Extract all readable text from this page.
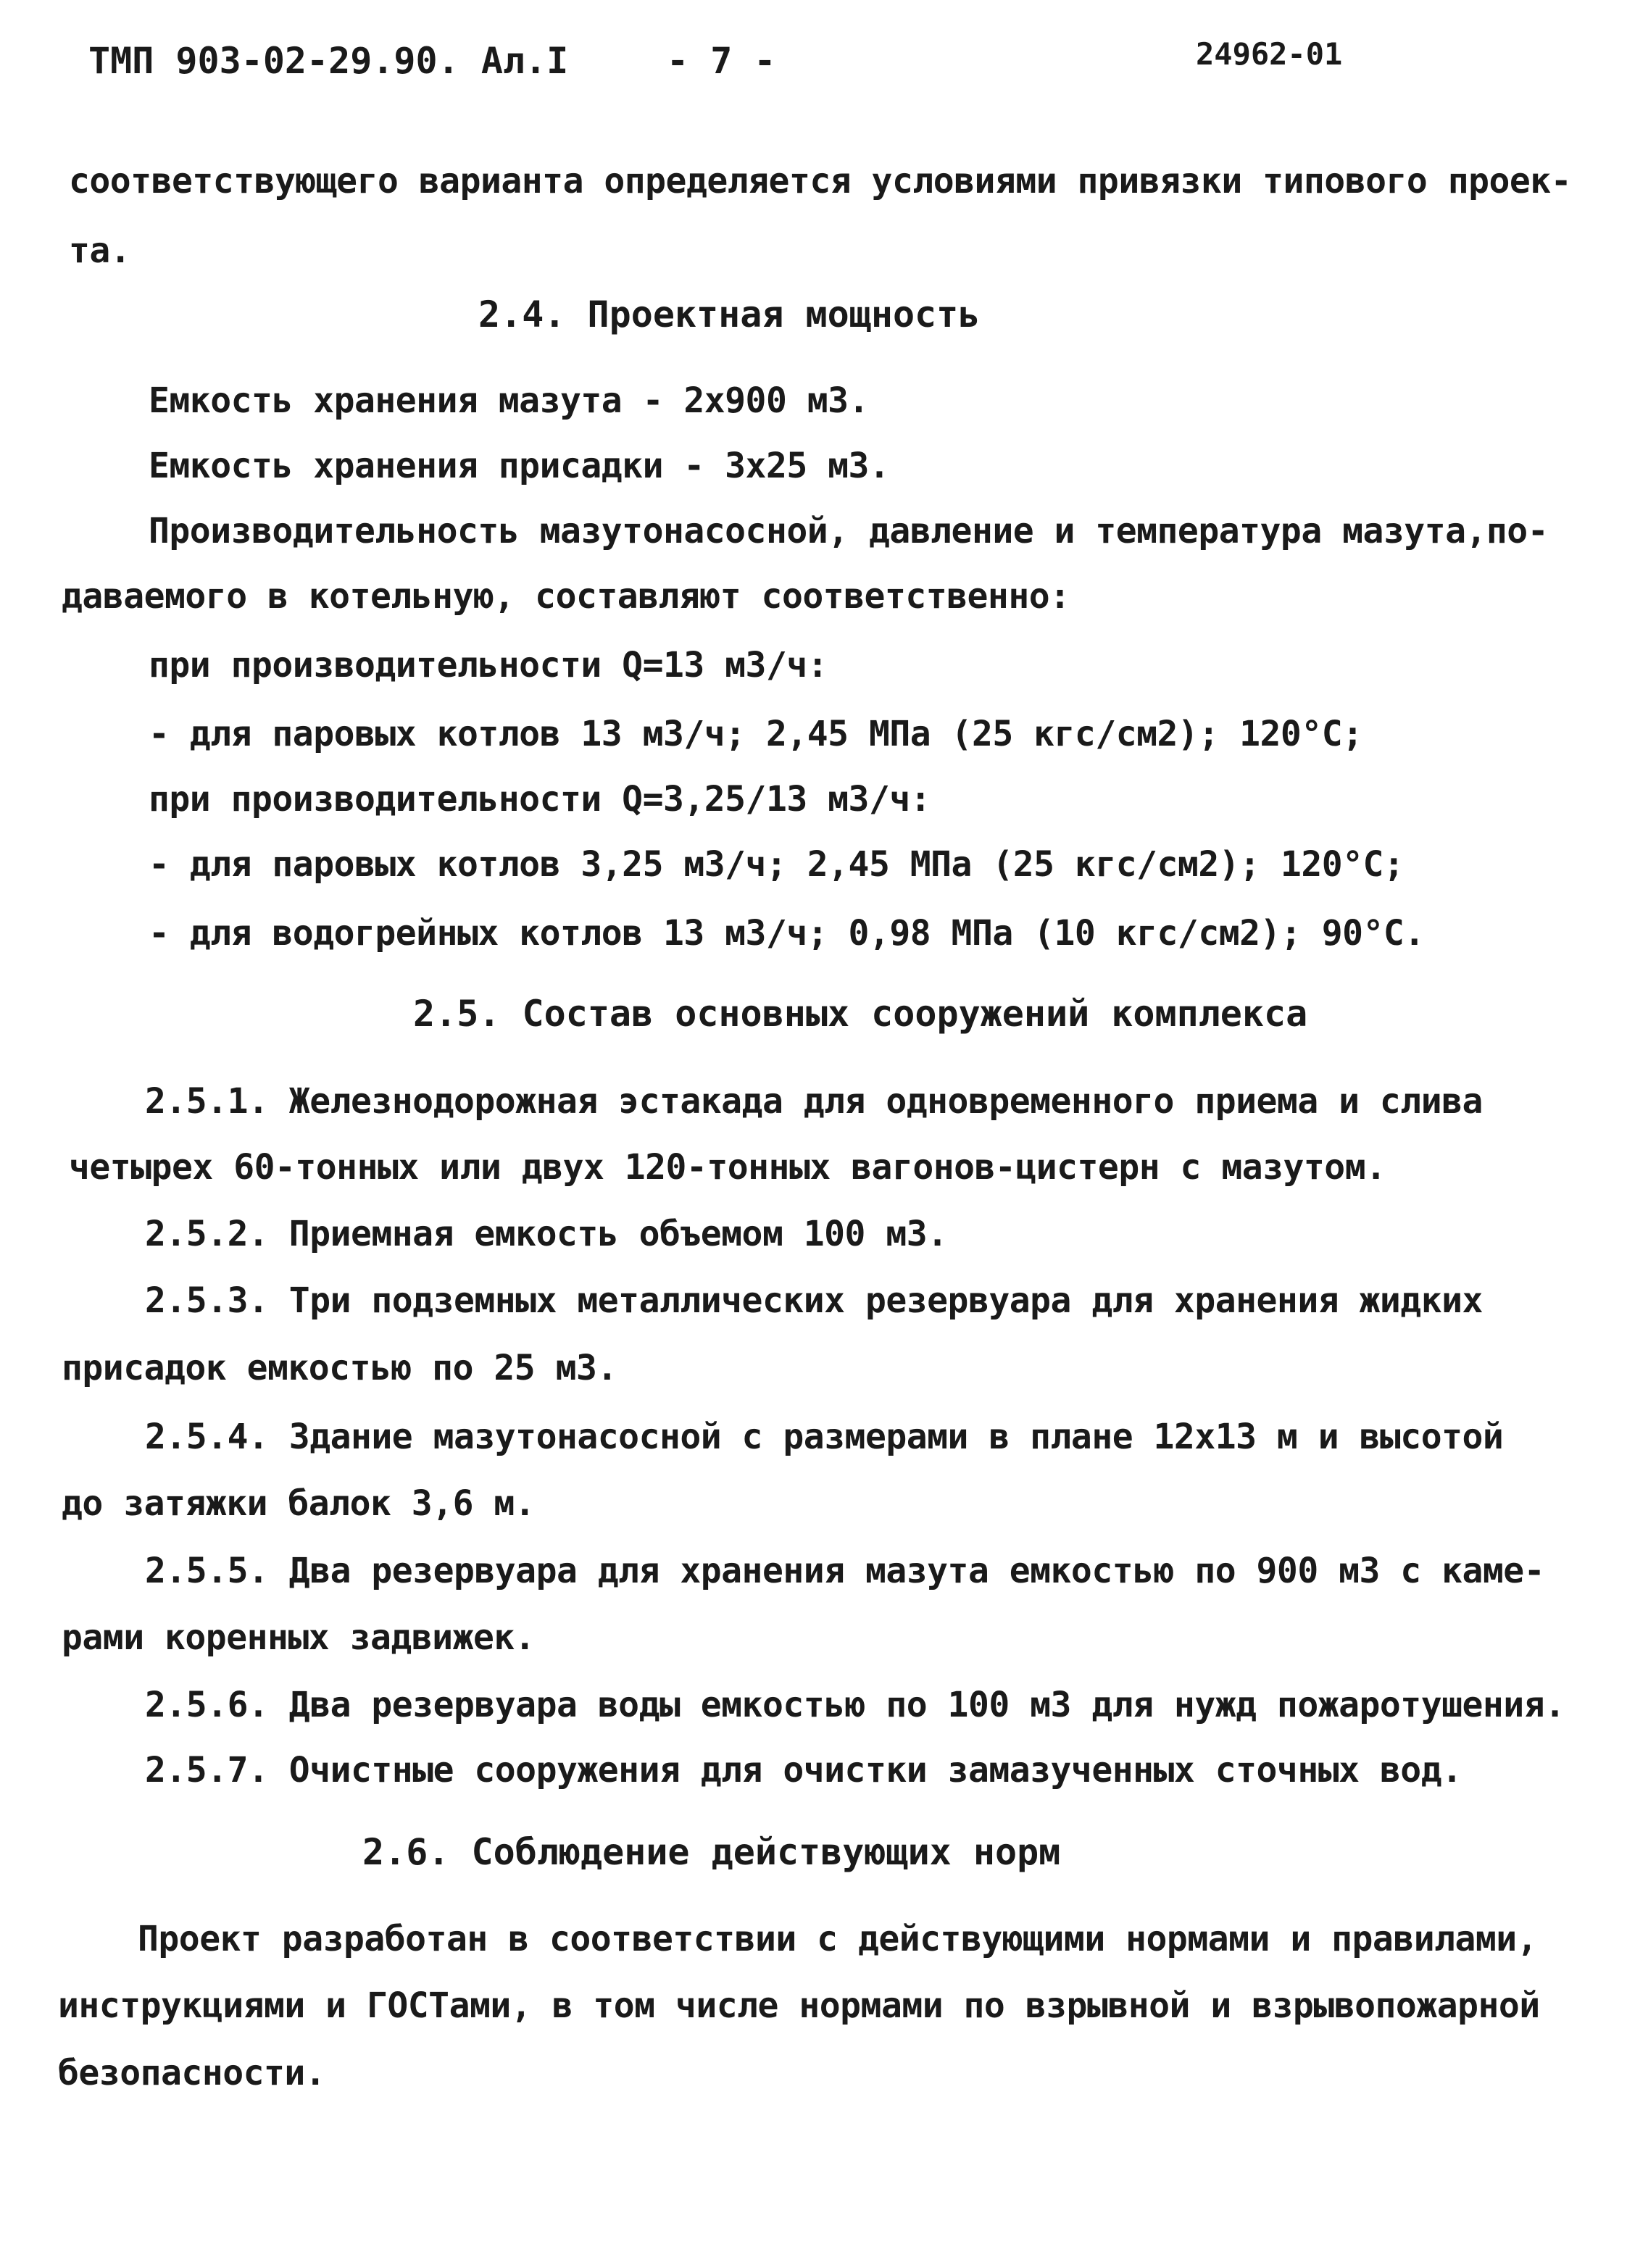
ТМП 903-02-29.90. Ал.I	- 7 -	24962-01
соответствующего варианта определяется условиями привязки типового проек-
та.
2.4. Проектная мощность
Емкость хранения мазута - 2х900 м3.
Емкость хранения присадки - 3х25 м3.
Производительность мазутонасосной, давление и температура мазута,по-
даваемого в котельную, составляют соответственно:
при производительности Q=13 м3/ч:
- для паровых котлов 13 м3/ч; 2,45 МПа (25 кгс/см2); 120°С;
при производительности Q=3,25/13 м3/ч:
- для паровых котлов 3,25 м3/ч; 2,45 МПа (25 кгс/см2); 120°С;
- для водогрейных котлов 13 м3/ч; 0,98 МПа (10 кгс/см2); 90°С.
2.5. Состав основных сооружений комплекса
2.5.1. Железнодорожная эстакада для одновременного приема и слива
четырех 60-тонных или двух 120-тонных вагонов-цистерн с мазутом.
2.5.2. Приемная емкость объемом 100 м3.
2.5.3. Три подземных металлических резервуара для хранения жидких
присадок емкостью по 25 м3.
2.5.4. Здание мазутонасосной с размерами в плане 12х13 м и высотой
до затяжки балок 3,6 м.
2.5.5. Два резервуара для хранения мазута емкостью по 900 м3 с каме-
рами коренных задвижек.
2.5.6. Два резервуара воды емкостью по 100 м3 для нужд пожаротушения.
2.5.7. Очистные сооружения для очистки замазученных сточных вод.
2.6. Соблюдение действующих норм
Проект разработан в соответствии с действующими нормами и правилами,
инструкциями и ГОСТами, в том числе нормами по взрывной и взрывопожарной
безопасности.
